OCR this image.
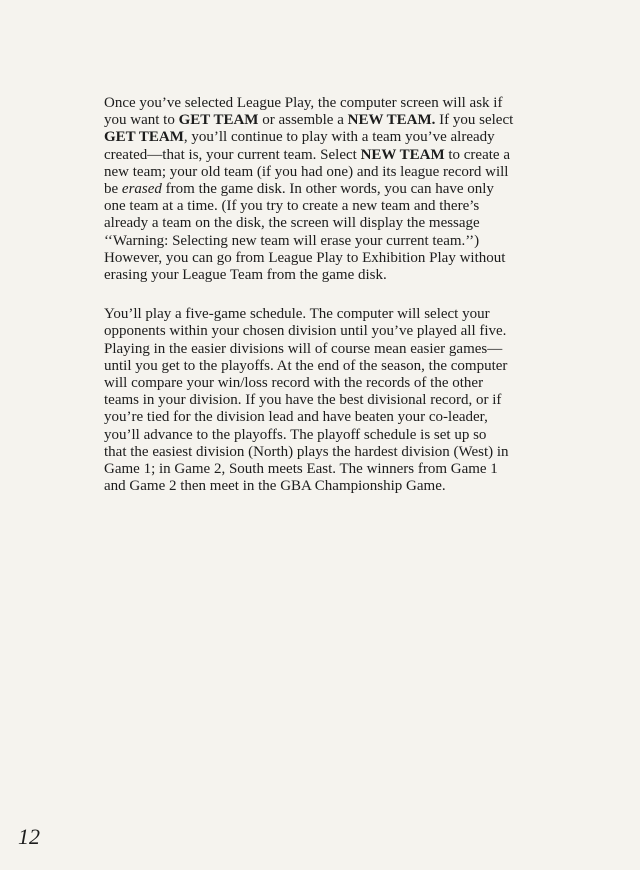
Once you’ve selected League Play, the computer screen will ask if
you want to GET TEAM or assemble a NEW TEAM. If you select
GET TEAM, you’ll continue to play with a team you’ve already
created—that is, your current team. Select NEW TEAM to create a
new team; your old team (if you had one) and its league record will
be erased from the game disk. In other words, you can have only
one team at a time. (If you try to create a new team and there’s
already a team on the disk, the screen will display the message
‘‘Warning: Selecting new team will erase your current team.’’)
However, you can go from League Play to Exhibition Play without
erasing your League Team from the game disk.

You’ll play a five-game schedule. The computer will select your
opponents within your chosen division until you’ve played all five.
Playing in the easier divisions will of course mean easier games—
until you get to the playoffs. At the end of the season, the computer
will compare your win/loss record with the records of the other
teams in your division. If you have the best divisional record, or if
you’re tied for the division lead and have beaten your co-leader,
you’ll advance to the playoffs. The playoff schedule is set up so
that the easiest division (North) plays the hardest division (West) in
Game 1; in Game 2, South meets East. The winners from Game 1
and Game 2 then meet in the GBA Championship Game.

12
